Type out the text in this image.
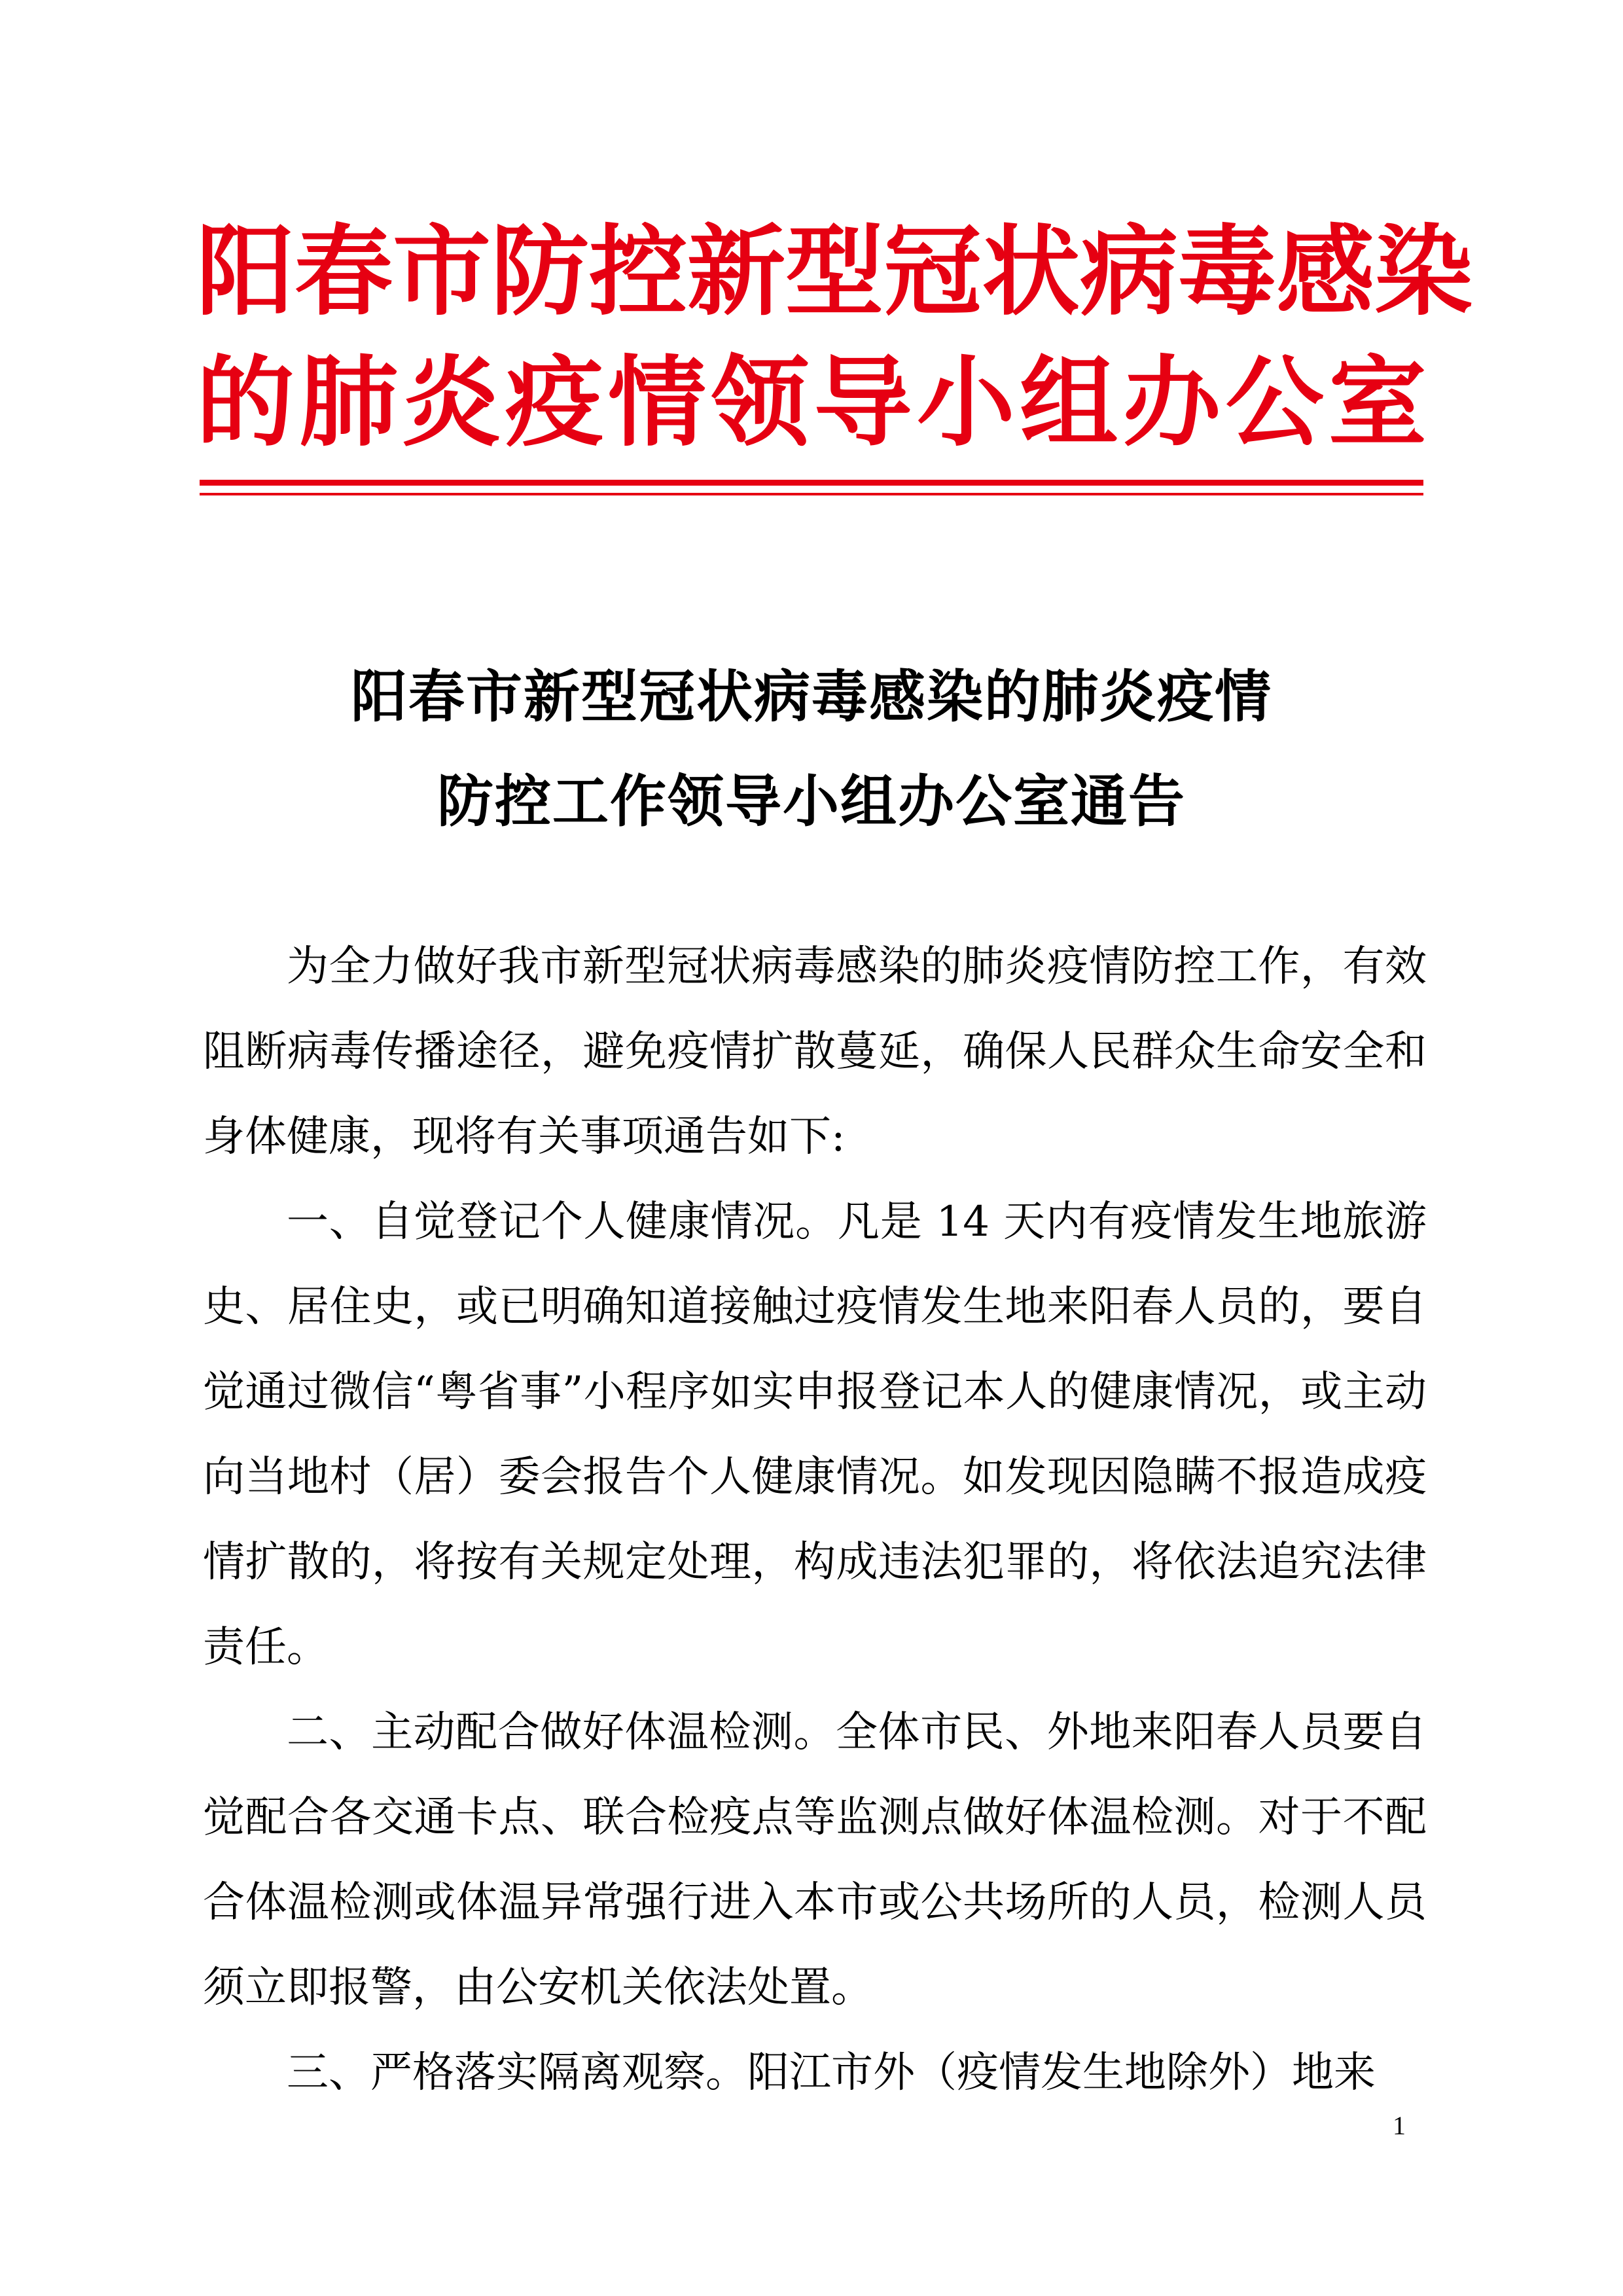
阳 春 市 防 控 新 型 冠 状 病 毒 感 染
的 肺 炎 疫 情 领 导 小 组 办 公 室
阳春市新型冠状病毒感染的肺炎疫情
防控工作领导小组办公室通告

为全力做好我市新型冠状病毒感染的肺炎疫情防控工作，有效阻断病毒传播途径，避免疫情扩散蔓延，确保人民群众生命安全和身体健康，现将有关事项通告如下:

一、自觉登记个人健康情况。凡是 14 天内有疫情发生地旅游史、居住史，或已明确知道接触过疫情发生地来阳春人员的，要自觉通过微信“粤省事”小程序如实申报登记本人的健康情况，或主动向当地村（居）委会报告个人健康情况。如发现因隐瞒不报造成疫情扩散的，将按有关规定处理，构成违法犯罪的，将依法追究法律责任。

二、主动配合做好体温检测。全体市民、外地来阳春人员要自觉配合各交通卡点、联合检疫点等监测点做好体温检测。对于不配合体温检测或体温异常强行进入本市或公共场所的人员，检测人员须立即报警，由公安机关依法处置。

三、严格落实隔离观察。阳江市外（疫情发生地除外）地来

1
